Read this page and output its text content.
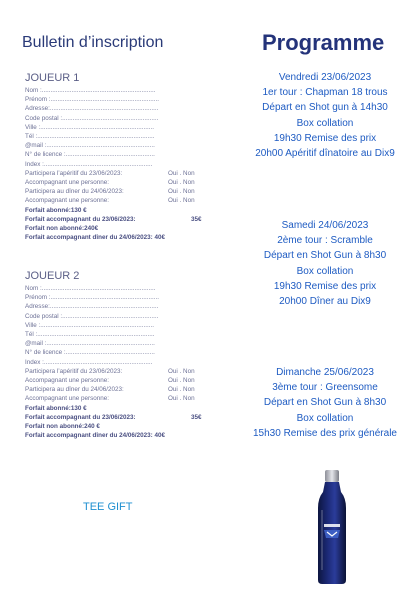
Bulletin d’inscription	Programme
JOUEUR 1
Nom :.................................................................
Prénom :..............................................................
Adresse:..............................................................
Code postal :.......................................................
Ville :.................................................................
Tél :...................................................................
@mail :..............................................................
N° de licence :...................................................
Index :..............................................................
Participera l’apéritif du 23/06/2023:	Oui . Non
Accompagnant une personne:	Oui . Non
Participera au dîner du 24/06/2023:	Oui . Non
Accompagnant une personne:	Oui . Non
Forfait abonné:130 €
Forfait accompagnant du 23/06/2023:	35€
Forfait non abonné:240€
Forfait accompagnant dîner du 24/06/2023: 40€
JOUEUR 2
Nom :.................................................................
Prénom :..............................................................
Adresse:..............................................................
Code postal :.......................................................
Ville :.................................................................
Tél :...................................................................
@mail :..............................................................
N° de licence :...................................................
Index :..............................................................
Participera l’apéritif du 23/06/2023:	Oui . Non
Accompagnant une personne:	Oui . Non
Participera au dîner du 24/06/2023:	Oui . Non
Accompagnant une personne:	Oui . Non
Forfait abonné:130 €
Forfait accompagnant du 23/06/2023:	35€
Forfait non abonné:240 €
Forfait accompagnant dîner du 24/06/2023: 40€
Vendredi 23/06/2023
1er tour : Chapman 18 trous
Départ en Shot gun à 14h30
Box collation
19h30 Remise des prix
20h00 Apéritif dînatoire au Dix9
Samedi 24/06/2023
2ème tour : Scramble
Départ en Shot Gun à 8h30
Box collation
19h30 Remise des prix
20h00 Dîner au Dix9
Dimanche 25/06/2023
3ème tour : Greensome
Départ en Shot Gun à 8h30
Box collation
15h30 Remise des prix générale
TEE GIFT
